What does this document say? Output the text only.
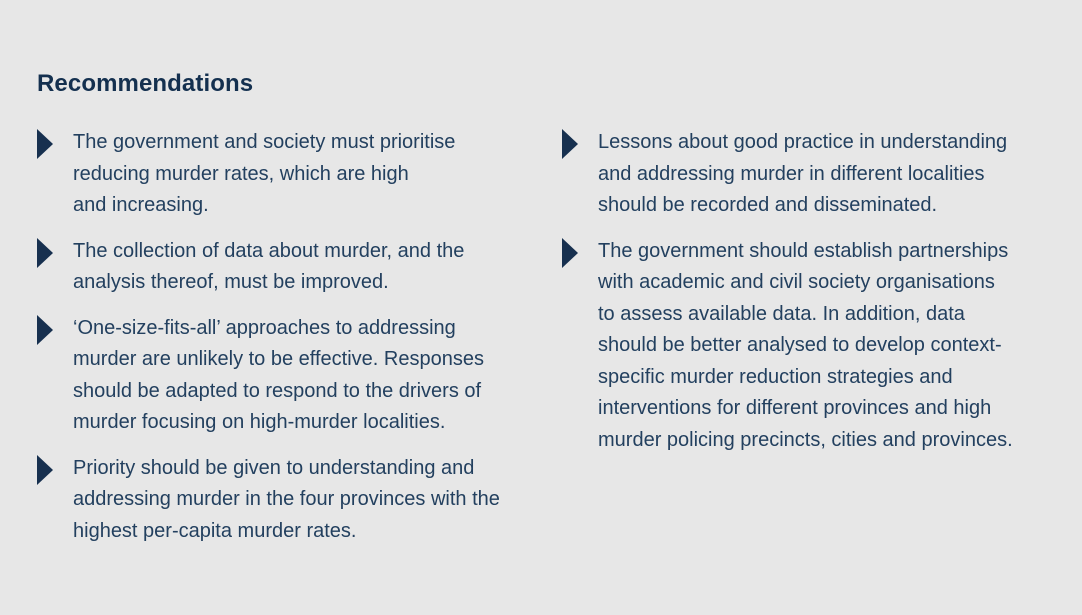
Recommendations
The government and society must prioritise
reducing murder rates, which are high
and increasing.
The collection of data about murder, and the
analysis thereof, must be improved.
‘One-size-fits-all’ approaches to addressing
murder are unlikely to be effective. Responses
should be adapted to respond to the drivers of
murder focusing on high-murder localities.
Priority should be given to understanding and
addressing murder in the four provinces with the
highest per-capita murder rates.
Lessons about good practice in understanding
and addressing murder in different localities
should be recorded and disseminated.
The government should establish partnerships
with academic and civil society organisations
to assess available data. In addition, data
should be better analysed to develop context-
specific murder reduction strategies and
interventions for different provinces and high
murder policing precincts, cities and provinces.
